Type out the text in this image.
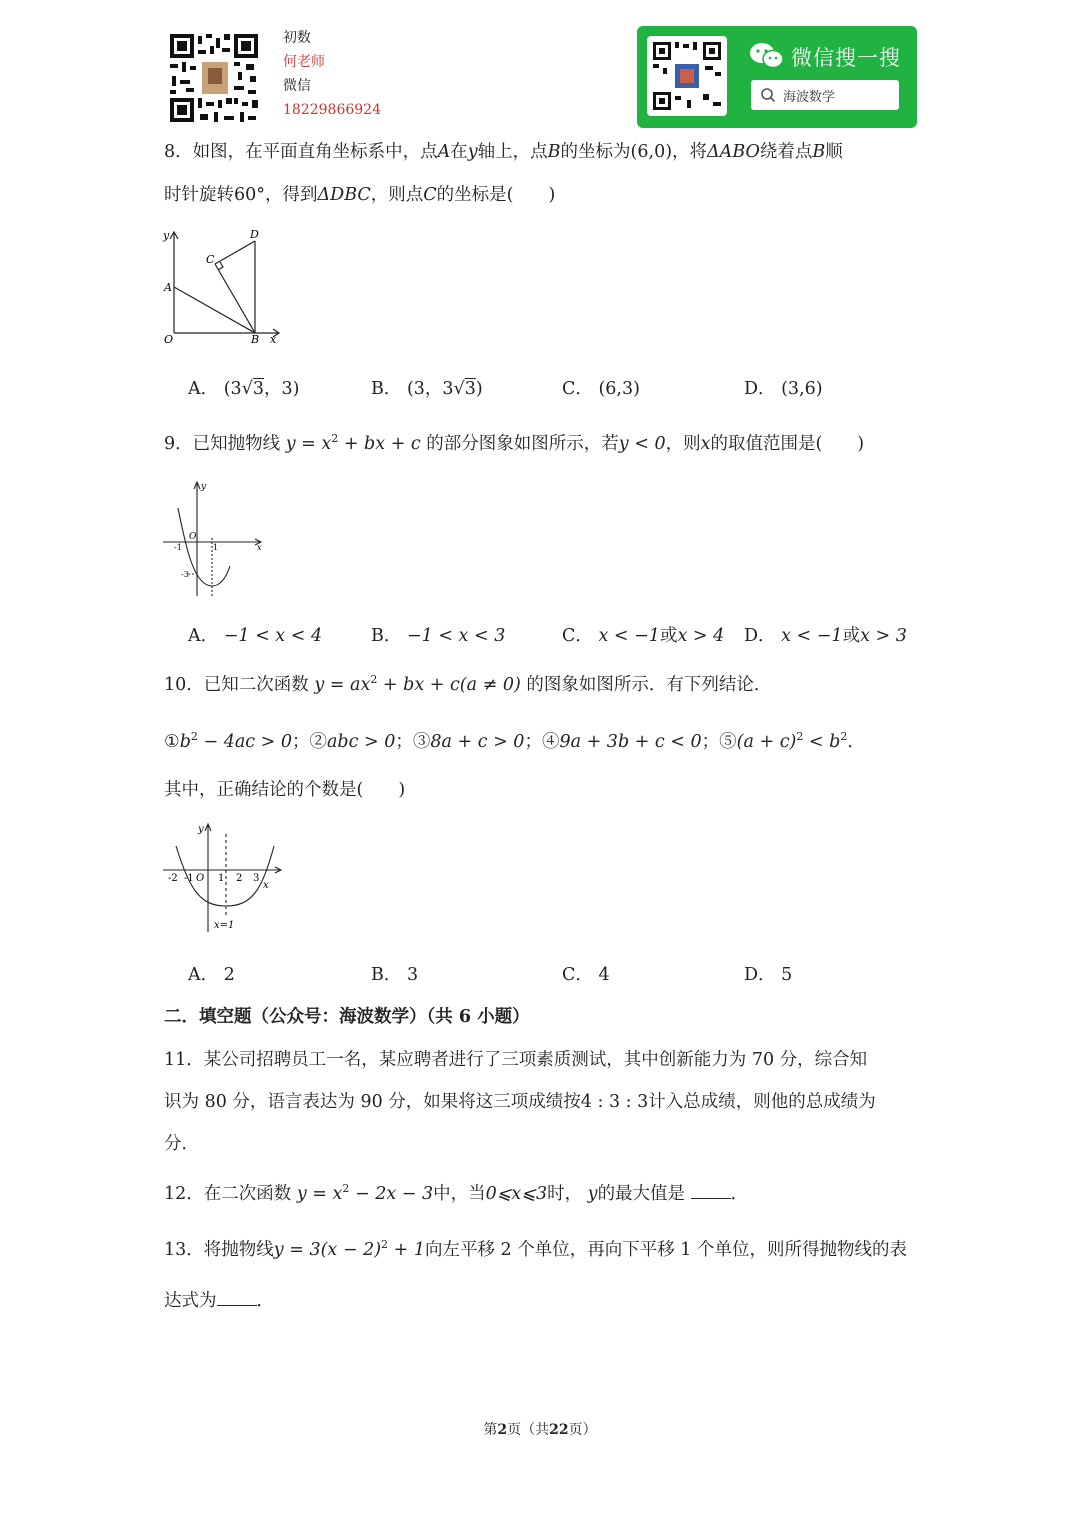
初数
何老师
微信
18229866924
微信搜一搜
海波数学
8．如图，在平面直角坐标系中，点A在y轴上，点B的坐标为(6,0)，将ΔABO绕着点B顺
时针旋转60°，得到ΔDBC，则点C的坐标是(　　)
y	D
C
A
O	B x
A． (3√3，3)	B． (3，3√3)	C． (6,3)	D． (3,6)
9．已知抛物线 $y = x^2$ + bx + c 的部分图象如图所示，若y < 0，则x的取值范围是(　　)
y
O
-1	1	x
-3
A． −1 < x < 4	B． −1 < x < 3	C． x < −1或x > 4 D． x < −1或x > 3
10．已知二次函数 $y = ax^2$ + bx + c(a ≠ 0) 的图象如图所示．有下列结论．
$①b^2 - 4ac > 0$；②abc > 0；③8a + c > 0；④9a + 3b + c < 0；⑤(a + $c)^2 < b^2$．
其中，正确结论的个数是(　　)
y
-2 -1 O 1 2 3
x
x=1
A． 2	B． 3	C． 4	D． 5
二．填空题（公众号：海波数学）（共 6 小题）
11．某公司招聘员工一名，某应聘者进行了三项素质测试，其中创新能力为 70 分，综合知
识为 80 分，语言表达为 90 分，如果将这三项成绩按4 : 3 : 3计入总成绩，则他的总成绩为
分．
12．在二次函数 $y = x^2 - 2x - 3$中，当0⩽x⩽3时， y的最大值是	．
13．将抛物线$y = 3(x - 2)^2 + 1$向左平移 2 个单位，再向下平移 1 个单位，则所得抛物线的表
达式为 ．
第2页（共22页）
